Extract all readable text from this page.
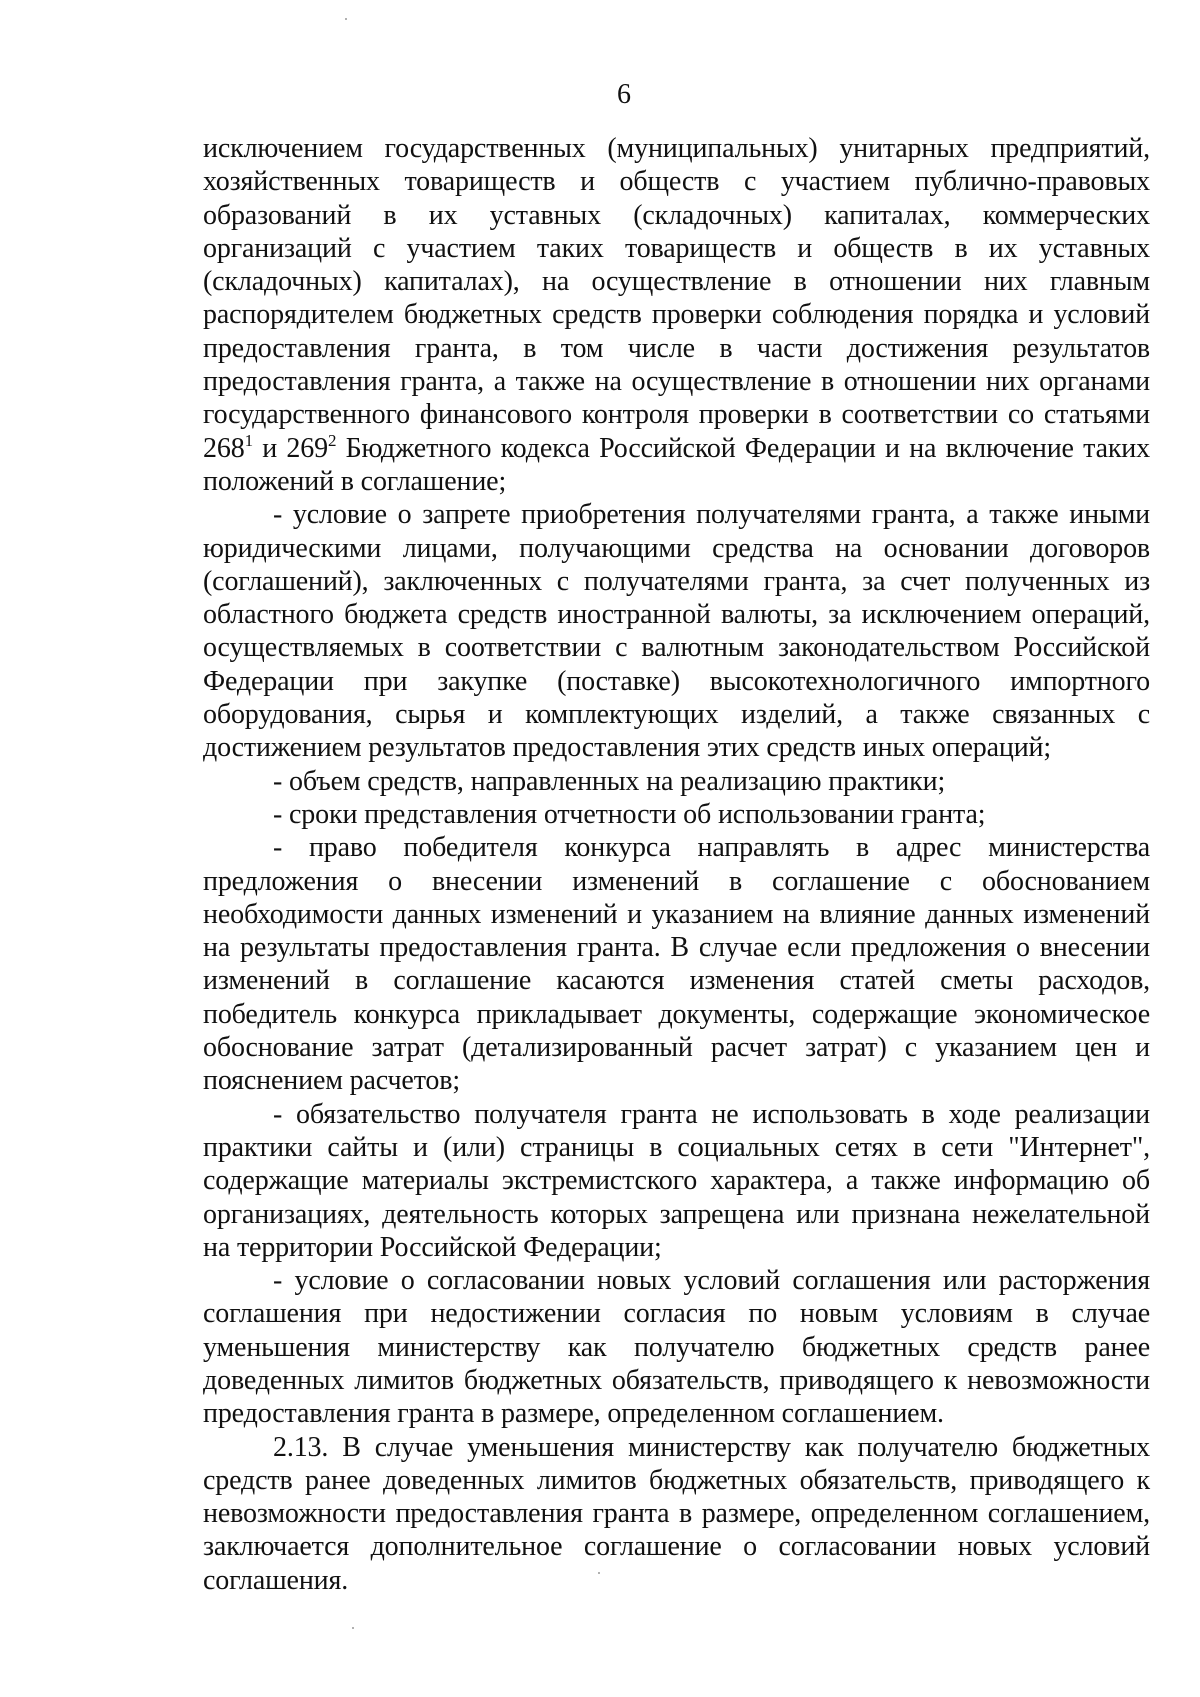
6

исключением государственных (муниципальных) унитарных предприятий, хозяйственных товариществ и обществ с участием публично-правовых образований в их уставных (складочных) капиталах, коммерческих организаций с участием таких товариществ и обществ в их уставных (складочных) капиталах), на осуществление в отношении них главным распорядителем бюджетных средств проверки соблюдения порядка и условий предоставления гранта, в том числе в части достижения результатов предоставления гранта, а также на осуществление в отношении них органами государственного финансового контроля проверки в соответствии со статьями $268^1$ и $269^2$ Бюджетного кодекса Российской Федерации и на включение таких положений в соглашение;

- условие о запрете приобретения получателями гранта, а также иными юридическими лицами, получающими средства на основании договоров (соглашений), заключенных с получателями гранта, за счет полученных из областного бюджета средств иностранной валюты, за исключением операций, осуществляемых в соответствии с валютным законодательством Российской Федерации при закупке (поставке) высокотехнологичного импортного оборудования, сырья и комплектующих изделий, а также связанных с достижением результатов предоставления этих средств иных операций;

- объем средств, направленных на реализацию практики;

- сроки представления отчетности об использовании гранта;

- право победителя конкурса направлять в адрес министерства предложения о внесении изменений в соглашение с обоснованием необходимости данных изменений и указанием на влияние данных изменений на результаты предоставления гранта. В случае если предложения о внесении изменений в соглашение касаются изменения статей сметы расходов, победитель конкурса прикладывает документы, содержащие экономическое обоснование затрат (детализированный расчет затрат) с указанием цен и пояснением расчетов;

- обязательство получателя гранта не использовать в ходе реализации практики сайты и (или) страницы в социальных сетях в сети "Интернет", содержащие материалы экстремистского характера, а также информацию об организациях, деятельность которых запрещена или признана нежелательной на территории Российской Федерации;

- условие о согласовании новых условий соглашения или расторжения соглашения при недостижении согласия по новым условиям в случае уменьшения министерству как получателю бюджетных средств ранее доведенных лимитов бюджетных обязательств, приводящего к невозможности предоставления гранта в размере, определенном соглашением.

2.13. В случае уменьшения министерству как получателю бюджетных средств ранее доведенных лимитов бюджетных обязательств, приводящего к невозможности предоставления гранта в размере, определенном соглашением, заключается дополнительное соглашение о согласовании новых условий соглашения.
